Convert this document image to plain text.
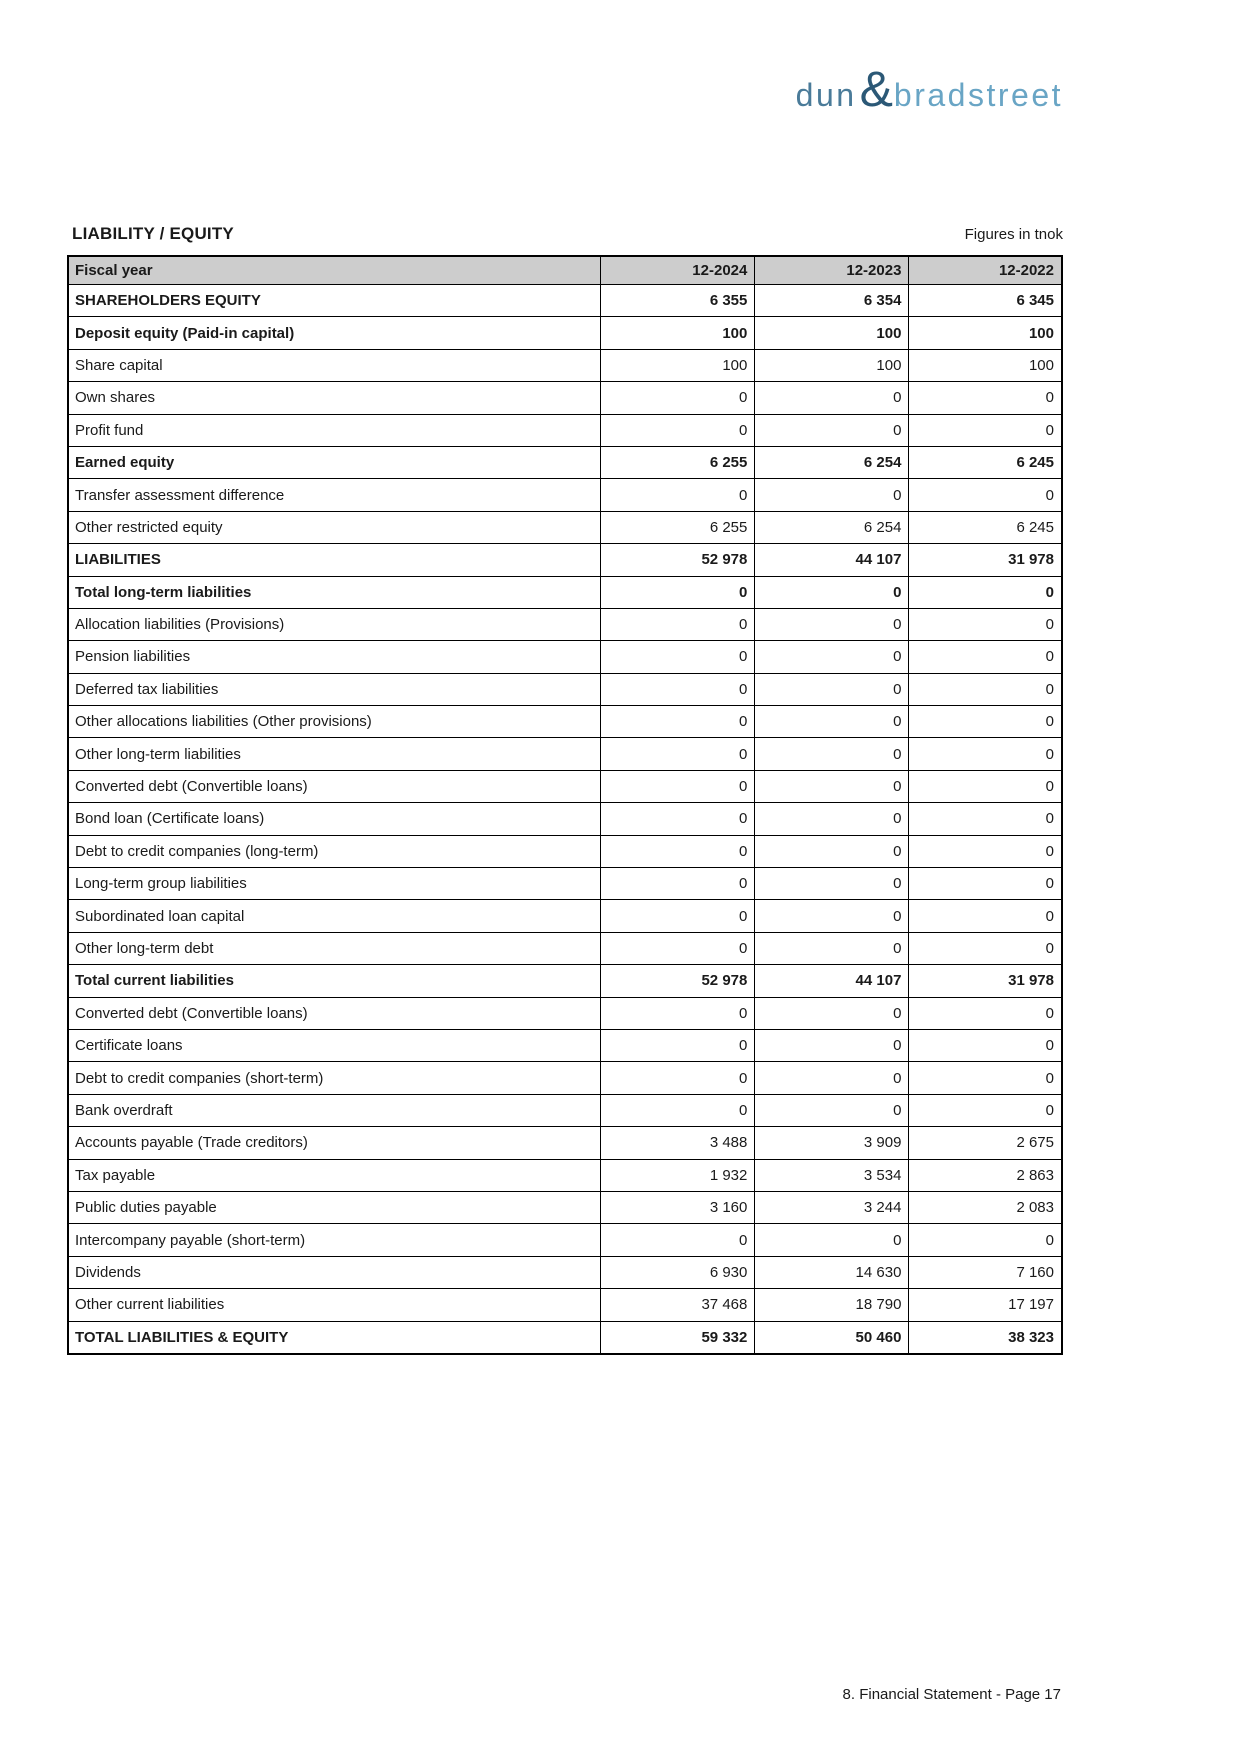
dun & bradstreet
LIABILITY / EQUITY	Figures in tnok
Fiscal year	12-2024	12-2023	12-2022
SHAREHOLDERS EQUITY	6 355	6 354	6 345
Deposit equity (Paid-in capital)	100	100	100
Share capital	100	100	100
Own shares	0	0	0
Profit fund	0	0	0
Earned equity	6 255	6 254	6 245
Transfer assessment difference	0	0	0
Other restricted equity	6 255	6 254	6 245
LIABILITIES	52 978	44 107	31 978
Total long-term liabilities	0	0	0
Allocation liabilities (Provisions)	0	0	0
Pension liabilities	0	0	0
Deferred tax liabilities	0	0	0
Other allocations liabilities (Other provisions)	0	0	0
Other long-term liabilities	0	0	0
Converted debt (Convertible loans)	0	0	0
Bond loan (Certificate loans)	0	0	0
Debt to credit companies (long-term)	0	0	0
Long-term group liabilities	0	0	0
Subordinated loan capital	0	0	0
Other long-term debt	0	0	0
Total current liabilities	52 978	44 107	31 978
Converted debt (Convertible loans)	0	0	0
Certificate loans	0	0	0
Debt to credit companies (short-term)	0	0	0
Bank overdraft	0	0	0
Accounts payable (Trade creditors)	3 488	3 909	2 675
Tax payable	1 932	3 534	2 863
Public duties payable	3 160	3 244	2 083
Intercompany payable (short-term)	0	0	0
Dividends	6 930	14 630	7 160
Other current liabilities	37 468	18 790	17 197
TOTAL LIABILITIES & EQUITY	59 332	50 460	38 323
8. Financial Statement - Page 17
